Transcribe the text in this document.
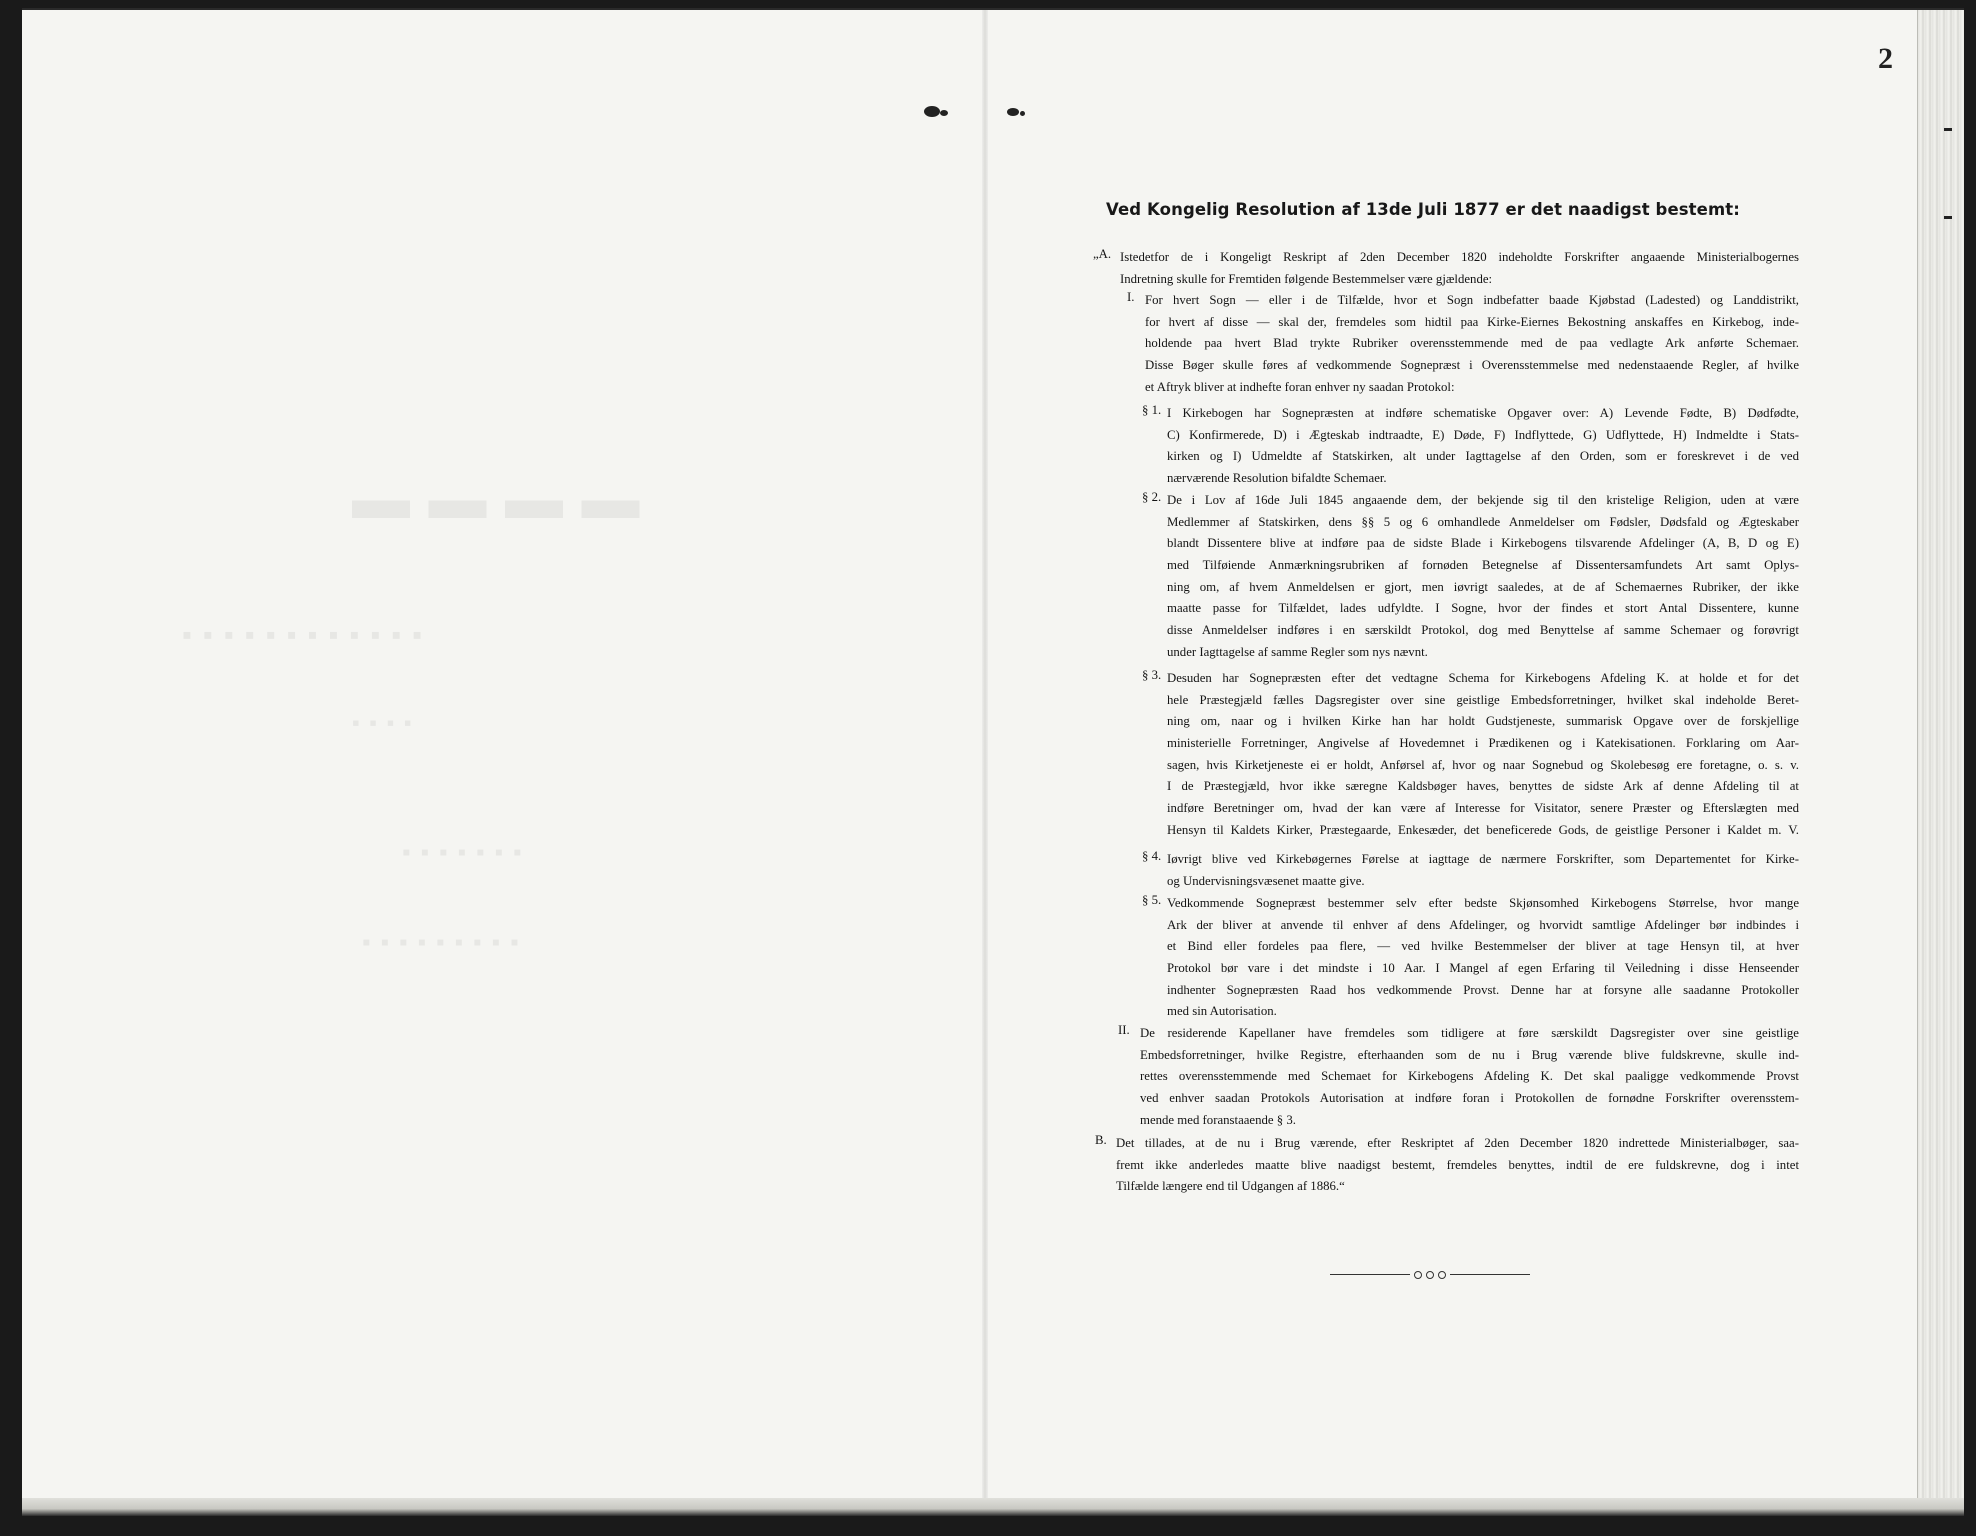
▬ ▬ ▬ ▬
▪ ▪ ▪ ▪ ▪ ▪ ▪ ▪ ▪ ▪ ▪ ▪
▪ ▪ ▪ ▪
▪ ▪ ▪ ▪ ▪ ▪ ▪
▪ ▪ ▪ ▪ ▪ ▪ ▪ ▪ ▪
2
Ved Kongelig Resolution af 13de Juli 1877 er det naadigst bestemt:
„A. Istedetfor de i Kongeligt Reskript af 2den December 1820 indeholdte Forskrifter angaaende Ministerialbogernes
Indretning skulle for Fremtiden følgende Bestemmelser være gjældende:
I. For hvert Sogn — eller i de Tilfælde, hvor et Sogn indbefatter baade Kjøbstad (Ladested) og Landdistrikt,
for hvert af disse — skal der, fremdeles som hidtil paa Kirke-Eiernes Bekostning anskaffes en Kirkebog, inde-
holdende paa hvert Blad trykte Rubriker overensstemmende med de paa vedlagte Ark anførte Schemaer.
Disse Bøger skulle føres af vedkommende Sognepræst i Overensstemmelse med nedenstaaende Regler, af hvilke
et Aftryk bliver at indhefte foran enhver ny saadan Protokol:
§ 1. I Kirkebogen har Sognepræsten at indføre schematiske Opgaver over: A) Levende Fødte, B) Dødfødte,
C) Konfirmerede, D) i Ægteskab indtraadte, E) Døde, F) Indflyttede, G) Udflyttede, H) Indmeldte i Stats-
kirken og I) Udmeldte af Statskirken, alt under Iagttagelse af den Orden, som er foreskrevet i de ved
nærværende Resolution bifaldte Schemaer.
§ 2. De i Lov af 16de Juli 1845 angaaende dem, der bekjende sig til den kristelige Religion, uden at være
Medlemmer af Statskirken, dens §§ 5 og 6 omhandlede Anmeldelser om Fødsler, Dødsfald og Ægteskaber
blandt Dissentere blive at indføre paa de sidste Blade i Kirkebogens tilsvarende Afdelinger (A, B, D og E)
med Tilføiende Anmærkningsrubriken af fornøden Betegnelse af Dissentersamfundets Art samt Oplys-
ning om, af hvem Anmeldelsen er gjort, men iøvrigt saaledes, at de af Schemaernes Rubriker, der ikke
maatte passe for Tilfældet, lades udfyldte. I Sogne, hvor der findes et stort Antal Dissentere, kunne
disse Anmeldelser indføres i en særskildt Protokol, dog med Benyttelse af samme Schemaer og forøvrigt
under Iagttagelse af samme Regler som nys nævnt.
§ 3. Desuden har Sognepræsten efter det vedtagne Schema for Kirkebogens Afdeling K. at holde et for det
hele Præstegjæld fælles Dagsregister over sine geistlige Embedsforretninger, hvilket skal indeholde Beret-
ning om, naar og i hvilken Kirke han har holdt Gudstjeneste, summarisk Opgave over de forskjellige
ministerielle Forretninger, Angivelse af Hovedemnet i Prædikenen og i Katekisationen. Forklaring om Aar-
sagen, hvis Kirketjeneste ei er holdt, Anførsel af, hvor og naar Sognebud og Skolebesøg ere foretagne, o. s. v.
I de Præstegjæld, hvor ikke særegne Kaldsbøger haves, benyttes de sidste Ark af denne Afdeling til at
indføre Beretninger om, hvad der kan være af Interesse for Visitator, senere Præster og Efterslægten med
Hensyn til Kaldets Kirker, Præstegaarde, Enkesæder, det beneficerede Gods, de geistlige Personer i Kaldet m. V.
§ 4. Iøvrigt blive ved Kirkebøgernes Førelse at iagttage de nærmere Forskrifter, som Departementet for Kirke-
og Undervisningsvæsenet maatte give.
§ 5. Vedkommende Sognepræst bestemmer selv efter bedste Skjønsomhed Kirkebogens Størrelse, hvor mange
Ark der bliver at anvende til enhver af dens Afdelinger, og hvorvidt samtlige Afdelinger bør indbindes i
et Bind eller fordeles paa flere, — ved hvilke Bestemmelser der bliver at tage Hensyn til, at hver
Protokol bør vare i det mindste i 10 Aar. I Mangel af egen Erfaring til Veiledning i disse Henseender
indhenter Sognepræsten Raad hos vedkommende Provst. Denne har at forsyne alle saadanne Protokoller
med sin Autorisation.
II. De residerende Kapellaner have fremdeles som tidligere at føre særskildt Dagsregister over sine geistlige
Embedsforretninger, hvilke Registre, efterhaanden som de nu i Brug værende blive fuldskrevne, skulle ind-
rettes overensstemmende med Schemaet for Kirkebogens Afdeling K. Det skal paaligge vedkommende Provst
ved enhver saadan Protokols Autorisation at indføre foran i Protokollen de fornødne Forskrifter overensstem-
mende med foranstaaende § 3.
B. Det tillades, at de nu i Brug værende, efter Reskriptet af 2den December 1820 indrettede Ministerialbøger, saa-
fremt ikke anderledes maatte blive naadigst bestemt, fremdeles benyttes, indtil de ere fuldskrevne, dog i intet
Tilfælde længere end til Udgangen af 1886.“
